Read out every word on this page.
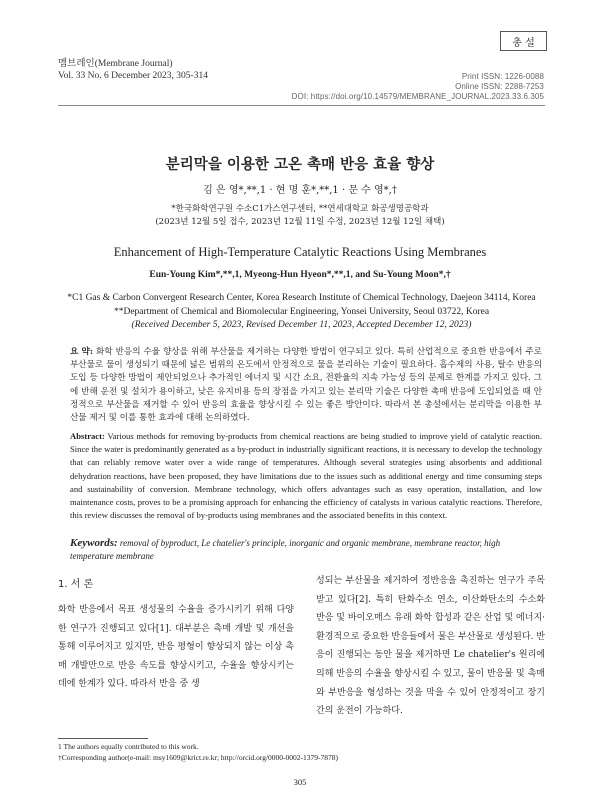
멤브레인(Membrane Journal)
Vol. 33 No. 6 December 2023, 305-314
총 설
Print ISSN: 1226-0088
Online ISSN: 2288-7253
DOI: https://doi.org/10.14579/MEMBRANE_JOURNAL.2023.33.6.305
분리막을 이용한 고온 촉매 반응 효율 향상
김 은 영*,**,1 · 현 명 훈*,**,1 · 문 수 영*,†
*한국화학연구원 수소C1가스연구센터, **연세대학교 화공생명공학과
(2023년 12월 5일 접수, 2023년 12월 11일 수정, 2023년 12월 12일 채택)
Enhancement of High-Temperature Catalytic Reactions Using Membranes
Eun-Young Kim*,**,1, Myeong-Hun Hyeon*,**,1, and Su-Young Moon*,†
*C1 Gas & Carbon Convergent Research Center, Korea Research Institute of Chemical Technology, Daejeon 34114, Korea
**Department of Chemical and Biomolecular Engineering, Yonsei University, Seoul 03722, Korea
(Received December 5, 2023, Revised December 11, 2023, Accepted December 12, 2023)
요 약: 화학 반응의 수율 향상을 위해 부산물을 제거하는 다양한 방법이 연구되고 있다. 특히 산업적으로 중요한 반응에서 주로 부산물로 물이 생성되기 때문에 넓은 범위의 온도에서 안정적으로 물을 분리하는 기술이 필요하다. 흡수제의 사용, 탈수 반응의 도입 등 다양한 방법이 제안되었으나 추가적인 에너지 및 시간 소요, 전환율의 지속 가능성 등의 문제로 한계를 가지고 있다. 그에 반해 운전 및 설치가 용이하고, 낮은 유지비용 등의 장점을 가지고 있는 분리막 기술은 다양한 촉매 반응에 도입되었을 때 안정적으로 부산물을 제거할 수 있어 반응의 효율을 향상시킬 수 있는 좋은 방안이다. 따라서 본 총설에서는 분리막을 이용한 부산물 제거 및 이를 통한 효과에 대해 논의하였다.
Abstract: Various methods for removing by-products from chemical reactions are being studied to improve yield of catalytic reaction. Since the water is predominantly generated as a by-product in industrially significant reactions, it is necessary to develop the technology that can reliably remove water over a wide range of temperatures. Although several strategies using absorbents and additional dehydration reactions, have been proposed, they have limitations due to the issues such as additional energy and time consuming steps and sustainability of conversion. Membrane technology, which offers advantages such as easy operation, installation, and low maintenance costs, proves to be a promising approach for enhancing the efficiency of catalysts in various catalytic reactions. Therefore, this review discusses the removal of by-products using membranes and the associated benefits in this context.
Keywords: removal of byproduct, Le chatelier's principle, inorganic and organic membrane, membrane reactor, high temperature membrane
1. 서 론
화학 반응에서 목표 생성물의 수율을 증가시키기 위해 다양한 연구가 진행되고 있다[1]. 대부분은 촉매 개발 및 개선을 통해 이루어지고 있지만, 반응 평형이 향상되지 않는 이상 촉매 개발만으로 반응 속도를 향상시키고, 수율을 향상시키는 데에 한계가 있다. 따라서 반응 중 생
성되는 부산물을 제거하여 정반응을 촉진하는 연구가 주목받고 있다[2]. 특히 탄화수소 연소, 이산화탄소의 수소화 반응 및 바이오매스 유래 화학 합성과 같은 산업 및 에너지·환경적으로 중요한 반응들에서 물은 부산물로 생성된다. 반응이 진행되는 동안 물을 제거하면 Le chatelier's 원리에 의해 반응의 수율을 향상시킬 수 있고, 물이 반응물 및 촉매와 부반응을 형성하는 것을 막을 수 있어 안정적이고 장기간의 운전이 가능하다.
1 The authors equally contributed to this work.
†Corresponding author(e-mail: msy1609@krict.re.kr; http://orcid.org/0000-0002-1379-7878)
305
